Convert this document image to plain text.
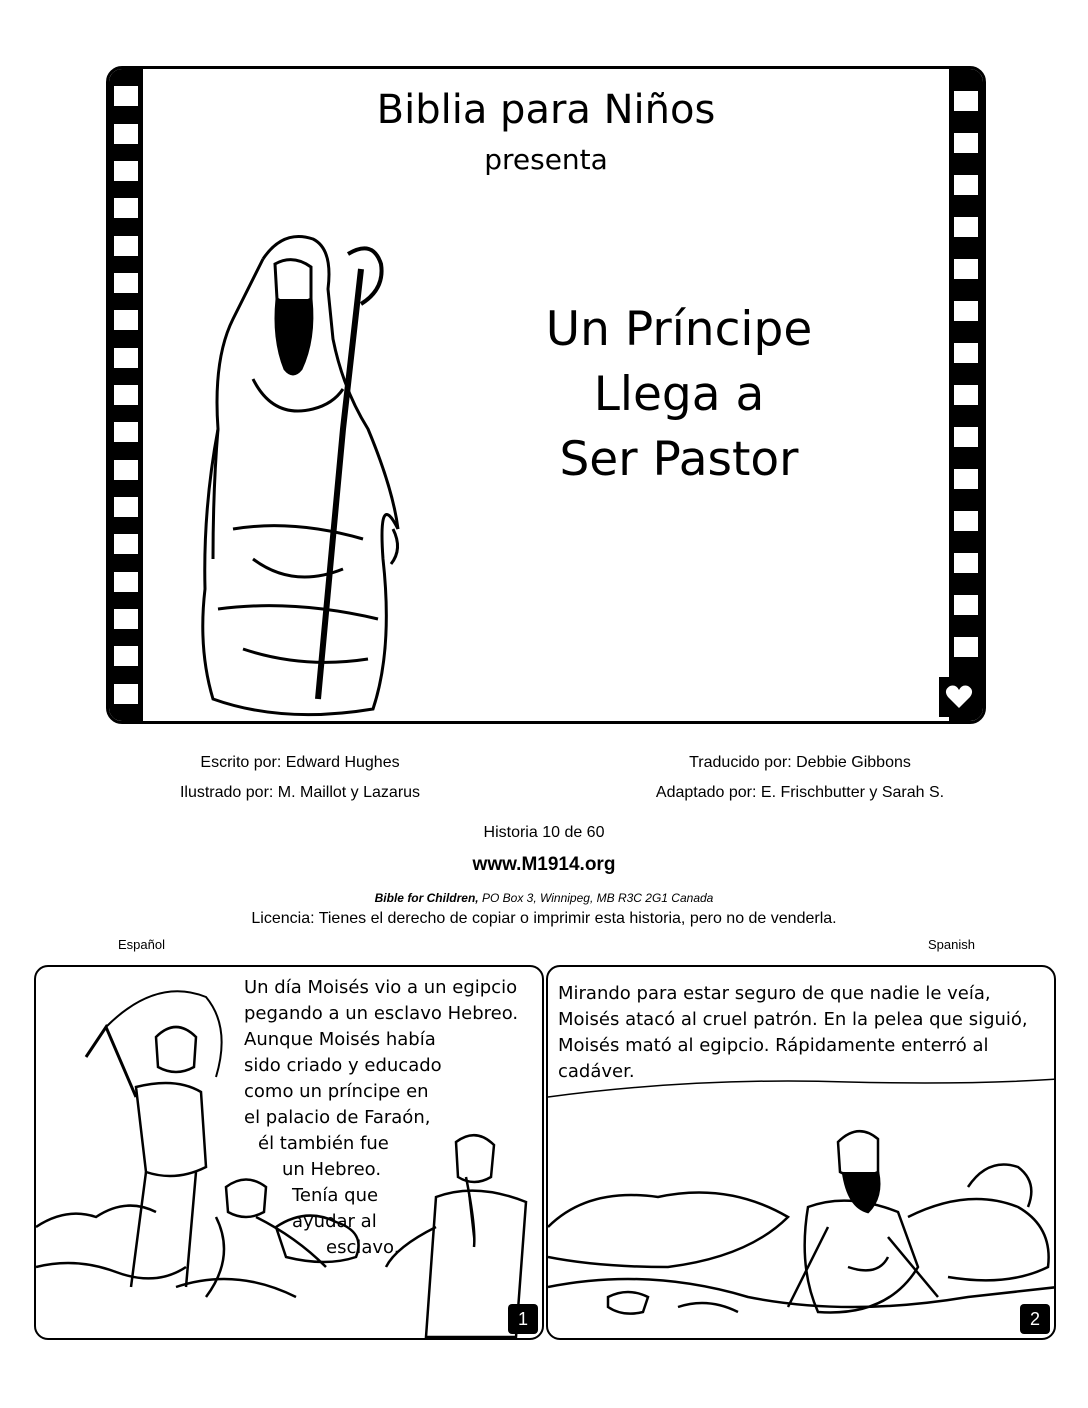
Biblia para Niños
presenta
Un Príncipe
Llega a
Ser Pastor
Escrito por: Edward Hughes
Ilustrado por: M. Maillot y Lazarus
Traducido por: Debbie Gibbons
Adaptado por: E. Frischbutter y Sarah S.
Historia 10 de 60
www.M1914.org
Bible for Children, PO Box 3, Winnipeg, MB R3C 2G1 Canada
Licencia: Tienes el derecho de copiar o imprimir esta historia, pero no de venderla.
Español	Spanish
Un día Moisés vio a un egipcio
pegando a un esclavo Hebreo.
Aunque Moisés había
sido criado y educado
como un príncipe en
el palacio de Faraón,
él también fue
un Hebreo.
Tenía que
ayudar al
esclavo.
1
Mirando para estar seguro de que nadie le veía, Moisés atacó al cruel patrón. En la pelea que siguió, Moisés mató al egipcio. Rápidamente enterró al cadáver.
2
